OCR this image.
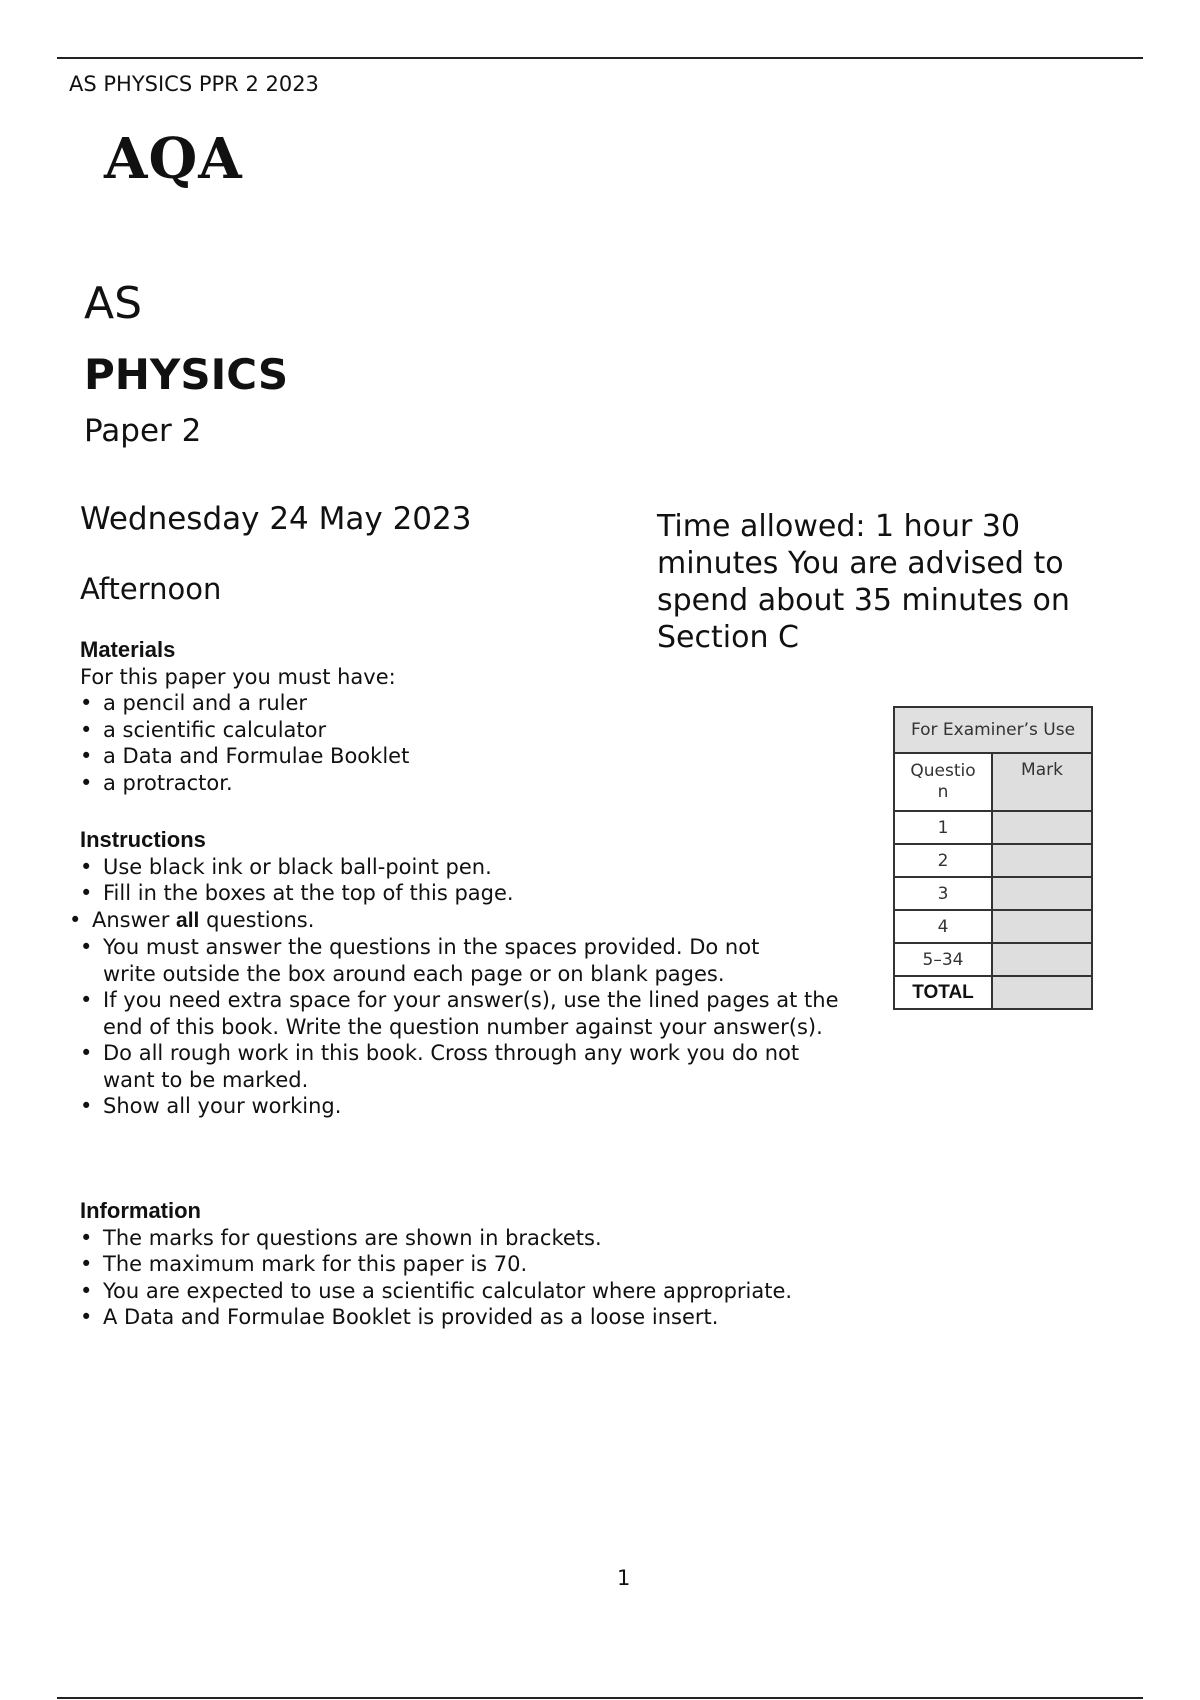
AS PHYSICS PPR 2 2023
AQA
AS
PHYSICS
Paper 2
Wednesday 24 May 2023
Afternoon
Time allowed: 1 hour 30 minutes You are advised to spend about 35 minutes on Section C
Materials
For this paper you must have:
• a pencil and a ruler
• a scientific calculator
• a Data and Formulae Booklet
• a protractor.
Instructions
• Use black ink or black ball-point pen.
• Fill in the boxes at the top of this page.
• Answer all questions.
• You must answer the questions in the spaces provided. Do not write outside the box around each page or on blank pages.
• If you need extra space for your answer(s), use the lined pages at the end of this book. Write the question number against your answer(s).
• Do all rough work in this book. Cross through any work you do not want to be marked.
• Show all your working.
Information
• The marks for questions are shown in brackets.
• The maximum mark for this paper is 70.
• You are expected to use a scientific calculator where appropriate.
• A Data and Formulae Booklet is provided as a loose insert.
For Examiner’s Use	

Question	Mark
1	
2	
3	
4	
5–34	
TOTAL	
1
